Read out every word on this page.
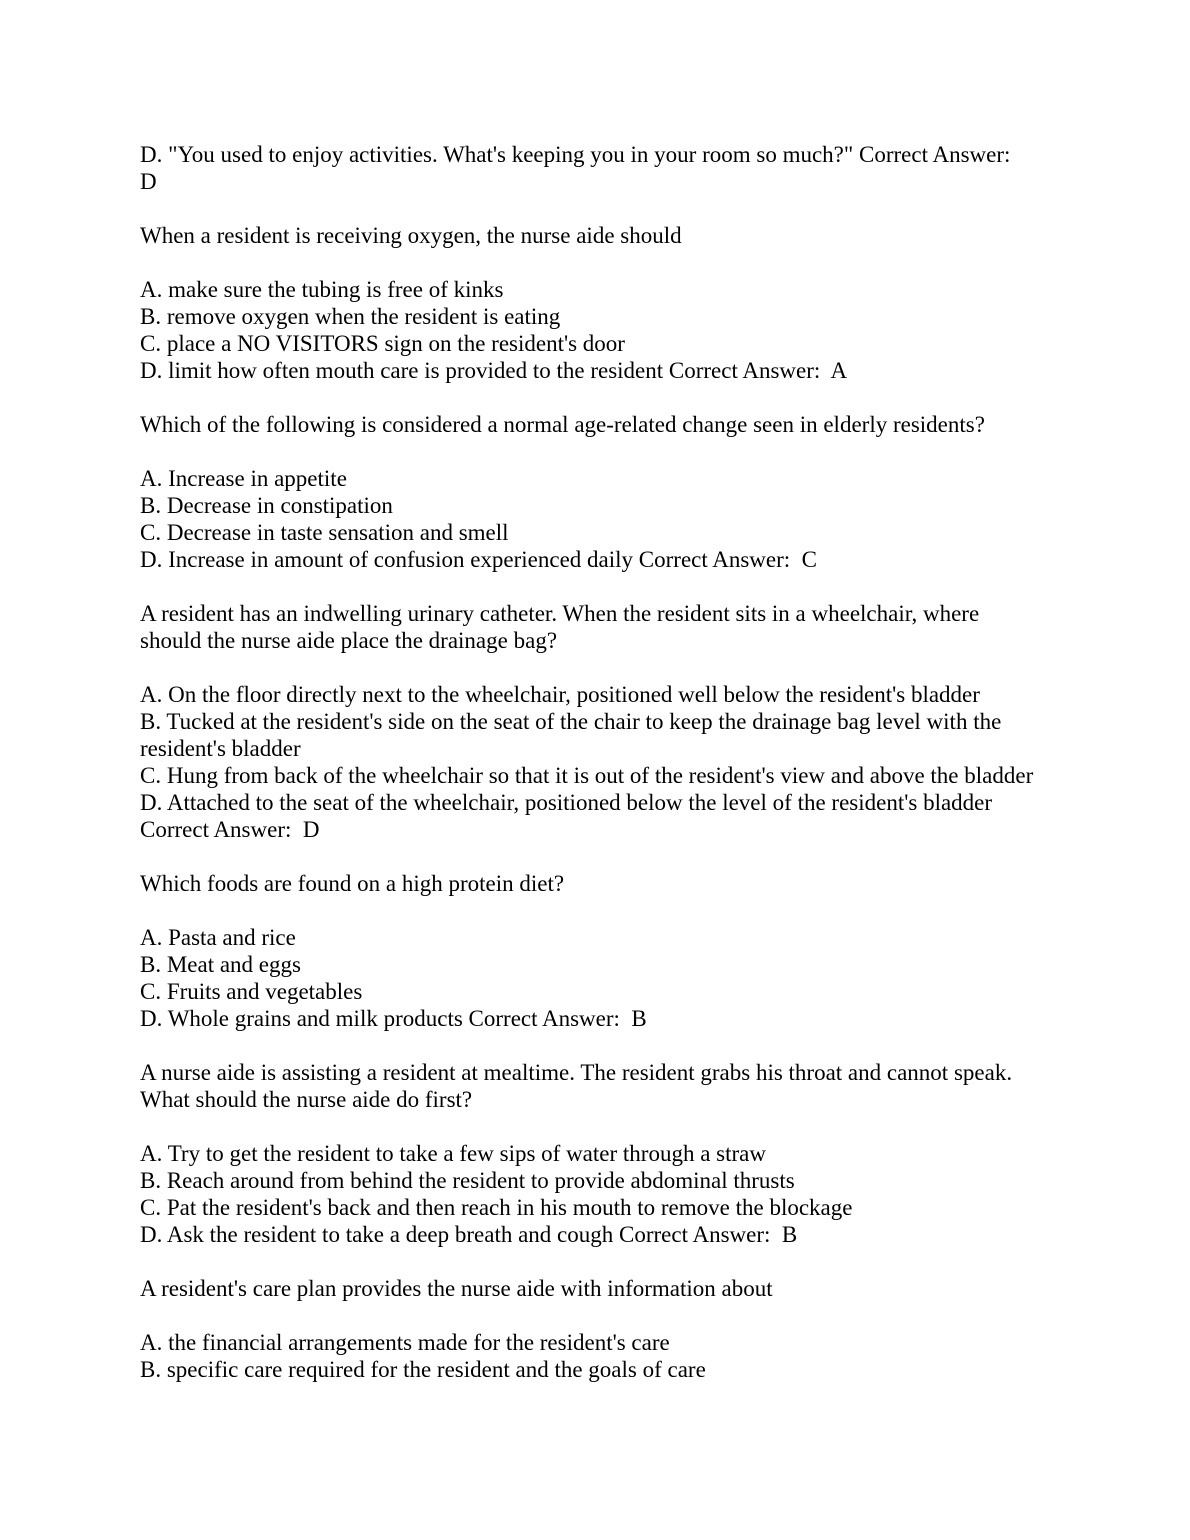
D. "You used to enjoy activities. What's keeping you in your room so much?" Correct Answer:
D
When a resident is receiving oxygen, the nurse aide should
A. make sure the tubing is free of kinks
B. remove oxygen when the resident is eating
C. place a NO VISITORS sign on the resident's door
D. limit how often mouth care is provided to the resident Correct Answer:  A
Which of the following is considered a normal age-related change seen in elderly residents?
A. Increase in appetite
B. Decrease in constipation
C. Decrease in taste sensation and smell
D. Increase in amount of confusion experienced daily Correct Answer:  C
A resident has an indwelling urinary catheter. When the resident sits in a wheelchair, where
should the nurse aide place the drainage bag?
A. On the floor directly next to the wheelchair, positioned well below the resident's bladder
B. Tucked at the resident's side on the seat of the chair to keep the drainage bag level with the
resident's bladder
C. Hung from back of the wheelchair so that it is out of the resident's view and above the bladder
D. Attached to the seat of the wheelchair, positioned below the level of the resident's bladder
Correct Answer:  D
Which foods are found on a high protein diet?
A. Pasta and rice
B. Meat and eggs
C. Fruits and vegetables
D. Whole grains and milk products Correct Answer:  B
A nurse aide is assisting a resident at mealtime. The resident grabs his throat and cannot speak.
What should the nurse aide do first?
A. Try to get the resident to take a few sips of water through a straw
B. Reach around from behind the resident to provide abdominal thrusts
C. Pat the resident's back and then reach in his mouth to remove the blockage
D. Ask the resident to take a deep breath and cough Correct Answer:  B
A resident's care plan provides the nurse aide with information about
A. the financial arrangements made for the resident's care
B. specific care required for the resident and the goals of care
